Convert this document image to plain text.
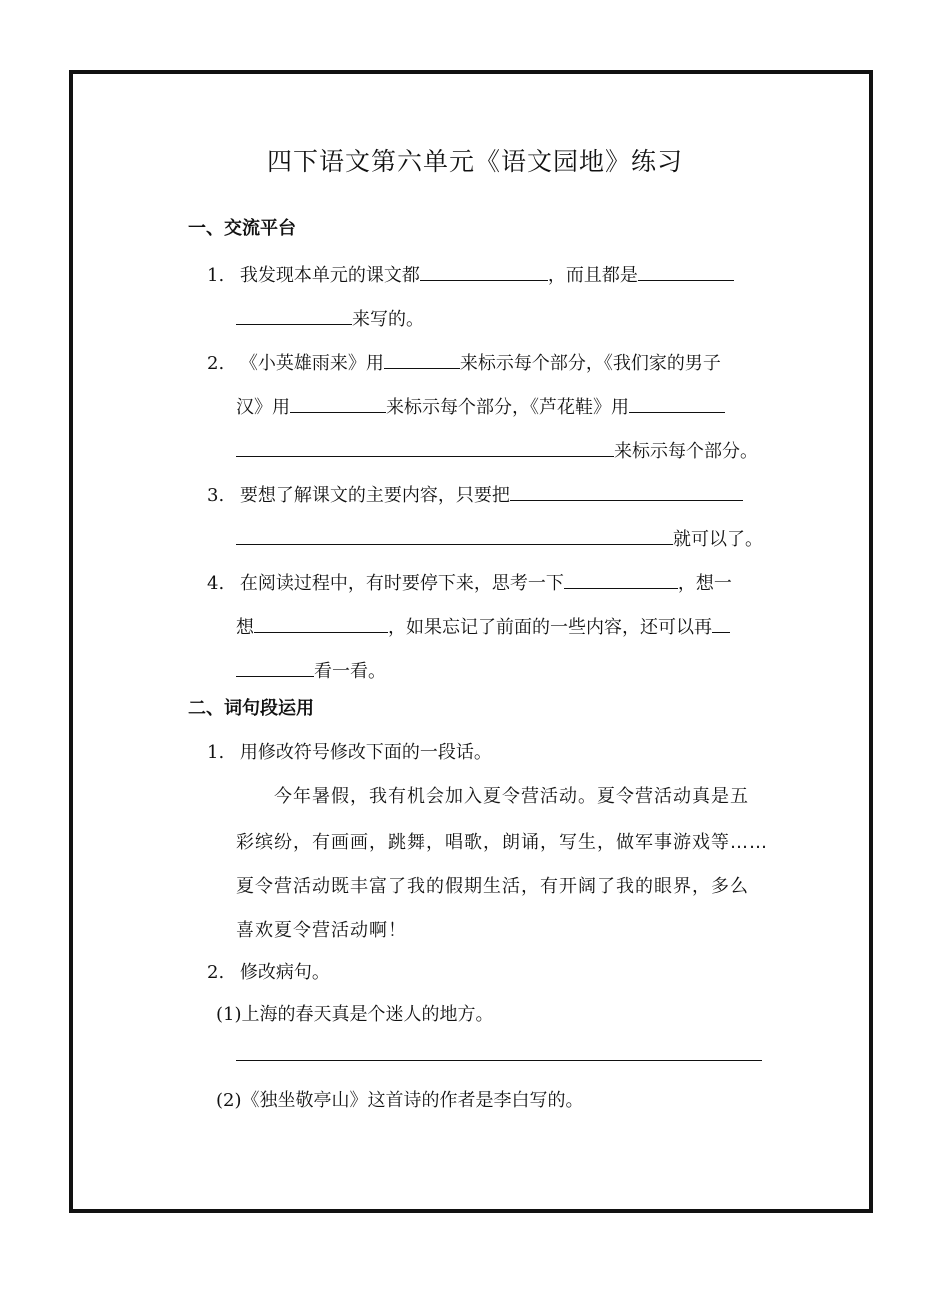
四下语文第六单元《语文园地》练习
一、交流平台
1. 我发现本单元的课文都	，而且都是
来写的。
2. 《小英雄雨来》用	来标示每个部分，《我们家的男子
汉》用	来标示每个部分，《芦花鞋》用
来标示每个部分。
3. 要想了解课文的主要内容，只要把
就可以了。
4. 在阅读过程中，有时要停下来，思考一下	，想一
想	，如果忘记了前面的一些内容，还可以再
看一看。
二、词句段运用
1. 用修改符号修改下面的一段话。
今年暑假，我有机会加入夏令营活动。夏令营活动真是五
彩缤纷，有画画，跳舞，唱歌，朗诵，写生，做军事游戏等……
夏令营活动既丰富了我的假期生活，有开阔了我的眼界，多么
喜欢夏令营活动啊！
2. 修改病句。
(1)上海的春天真是个迷人的地方。
(2)《独坐敬亭山》这首诗的作者是李白写的。
